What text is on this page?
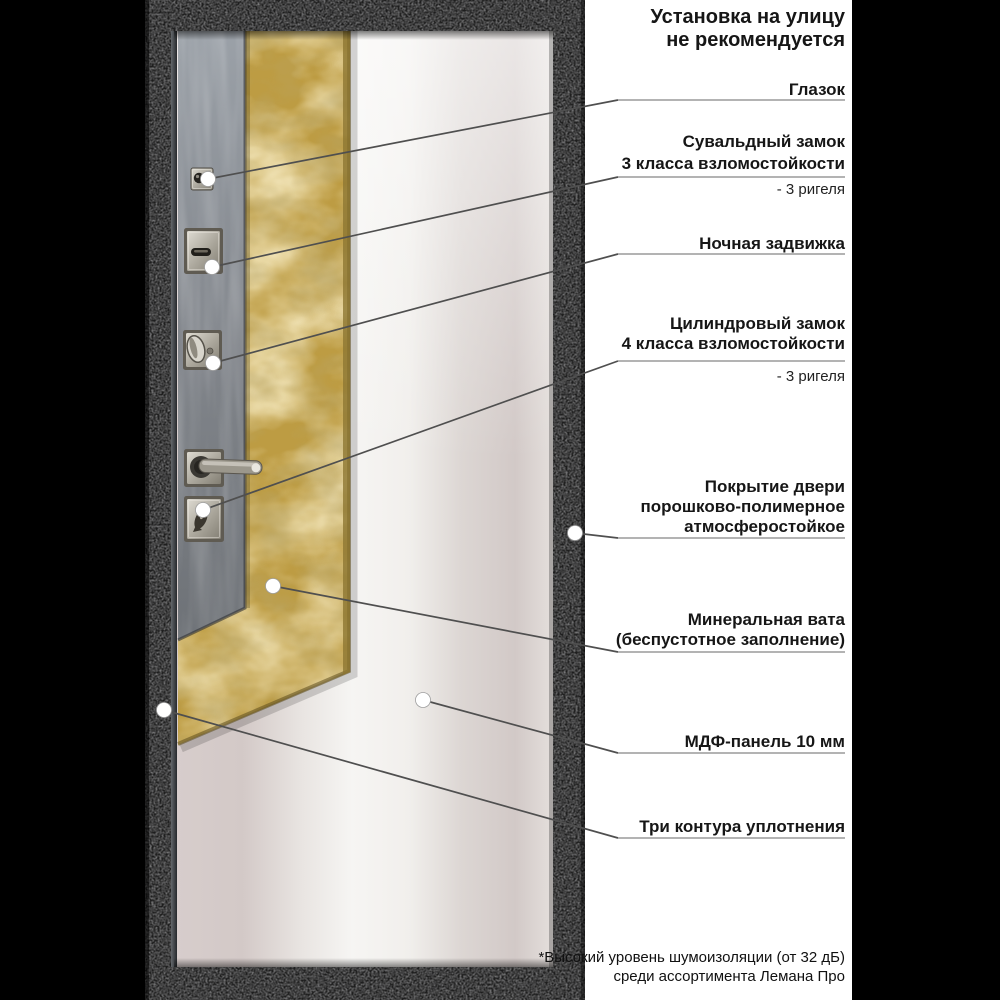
Установка на улицу
не рекомендуется
Глазок
Сувальдный замок
3 класса взломостойкости
- 3 ригеля
Ночная задвижка
Цилиндровый замок
4 класса взломостойкости
- 3 ригеля
Покрытие двери
порошково-полимерное
атмосферостойкое
Минеральная вата
(беспустотное заполнение)
МДФ-панель 10 мм
Три контура уплотнения
*Высокий уровень шумоизоляции (от 32 дБ)
среди ассортимента Лемана Про
